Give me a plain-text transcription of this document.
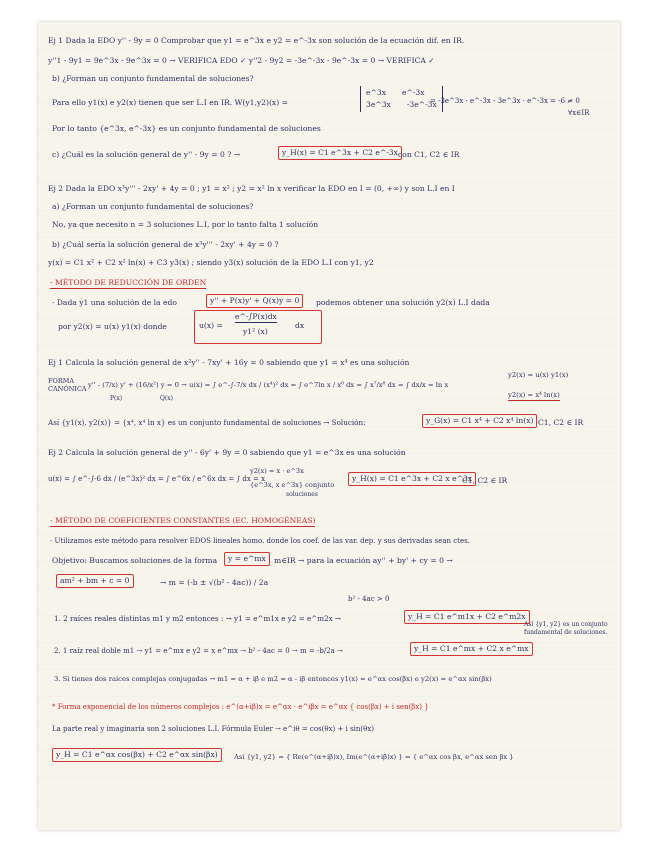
Ej 1 Dada la EDO y'' - 9y = 0 Comprobar que y1 = e^3x e y2 = e^-3x son solución de la ecuación dif. en IR.
y''1 - 9y1 = 9e^3x - 9e^3x = 0 → VERIFICA EDO ✓ y''2 - 9y2 = -3e^-3x - 9e^-3x = 0 → VERIFICA ✓
b) ¿Forman un conjunto fundamental de soluciones?
Para ello y1(x) e y2(x) tienen que ser L.I en IR. W(y1,y2)(x) =
e^3x e^-3x
3e^3x -3e^-3x
= -3e^3x · e^-3x - 3e^3x · e^-3x = -6 ≠ 0
∀x∈IR
Por lo tanto {e^3x, e^-3x} es un conjunto fundamental de soluciones
c) ¿Cuál es la solución general de y'' - 9y = 0 ? →	y_H(x) = C1 e^3x + C2 e^-3x con C1, C2 ∈ IR
Ej 2 Dada la EDO x³y''' - 2xy' + 4y = 0 ; y1 = x² ; y2 = x² ln x verificar la EDO en I = (0, +∞) y son L.I en I
a) ¿Forman un conjunto fundamental de soluciones?
No, ya que necesito n = 3 soluciones L.I, por lo tanto falta 1 solución
b) ¿Cuál sería la solución general de x³y''' - 2xy' + 4y = 0 ?
y(x) = C1 x² + C2 x² ln(x) + C3 y3(x) ; siendo y3(x) solución de la EDO L.I con y1, y2
- MÉTODO DE REDUCCIÓN DE ORDEN
· Dada y1 una solución de la edo	y'' + P(x)y' + Q(x)y = 0	podemos obtener una solución y2(x) L.I dada
por y2(x) = u(x) y1(x) donde	u(x) =
e^-∫P(x)dx
y1² (x)
dx
Ej 1 Calcula la solución general de x²y'' - 7xy' + 16y = 0 sabiendo que y1 = x⁴ es una solución
FORMA
CANÓNICA y'' - (7/x) y' + (16/x²) y = 0 → u(x) = ∫ e^-∫-7/x dx / (x⁴)² dx = ∫ e^7ln x / x⁸ dx = ∫ x⁷/x⁸ dx = ∫ dx/x = ln x
P(x)	Q(x)
y2(x) = u(x) y1(x)
y2(x) = x⁴ ln(x)
Así {y1(x), y2(x)} = {x⁴, x⁴ ln x} es un conjunto fundamental de soluciones → Solución:	y_G(x) = C1 x⁴ + C2 x⁴ ln(x) C1, C2 ∈ IR
Ej 2 Calcula la solución general de y'' - 6y' + 9y = 0 sabiendo que y1 = e^3x es una solución
u(x) = ∫ e^-∫-6 dx / (e^3x)² dx = ∫ e^6x / e^6x dx = ∫ dx = x
y2(x) = x · e^3x
{e^3x, x e^3x} conjunto
soluciones
y_H(x) = C1 e^3x + C2 x e^3x
C1, C2 ∈ IR
- MÉTODO DE COEFICIENTES CONSTANTES (EC. HOMOGÉNEAS)
· Utilizamos este método para resolver EDOS lineales homo. donde los coef. de las var. dep. y sus derivadas sean ctes.
Objetivo: Buscamos soluciones de la forma	y = e^mx	m∈IR → para la ecuación ay'' + by' + cy = 0 →
am² + bm + c = 0	→ m = (-b ± √(b² - 4ac)) / 2a
b² - 4ac > 0
1. 2 raíces reales distintas m1 y m2 entonces : → y1 = e^m1x e y2 = e^m2x →	y_H = C1 e^m1x + C2 e^m2x
Así {y1, y2} es un conjunto
fundamental de soluciones.
2. 1 raíz real doble m1 → y1 = e^mx e y2 = x e^mx → b² - 4ac = 0 → m = -b/2a →	y_H = C1 e^mx + C2 x e^mx
3. Si tienes dos raíces complejas conjugadas → m1 = α + iβ e m2 = α - iβ entonces y1(x) = e^αx cos(βx) e y2(x) = e^αx sin(βx)
* Forma exponencial de los números complejos : e^(α+iβ)x = e^αx · e^iβx = e^αx { cos(βx) + i sen(βx) }
La parte real y imaginaria son 2 soluciones L.I. Fórmula Euler → e^iθ = cos(θx) + i sin(θx)
y_H = C1 e^αx cos(βx) + C2 e^αx sin(βx)	Así {y1, y2} = { Re(e^(α+iβ)x), Im(e^(α+iβ)x) } = { e^αx cos βx, e^αx sen βx }
